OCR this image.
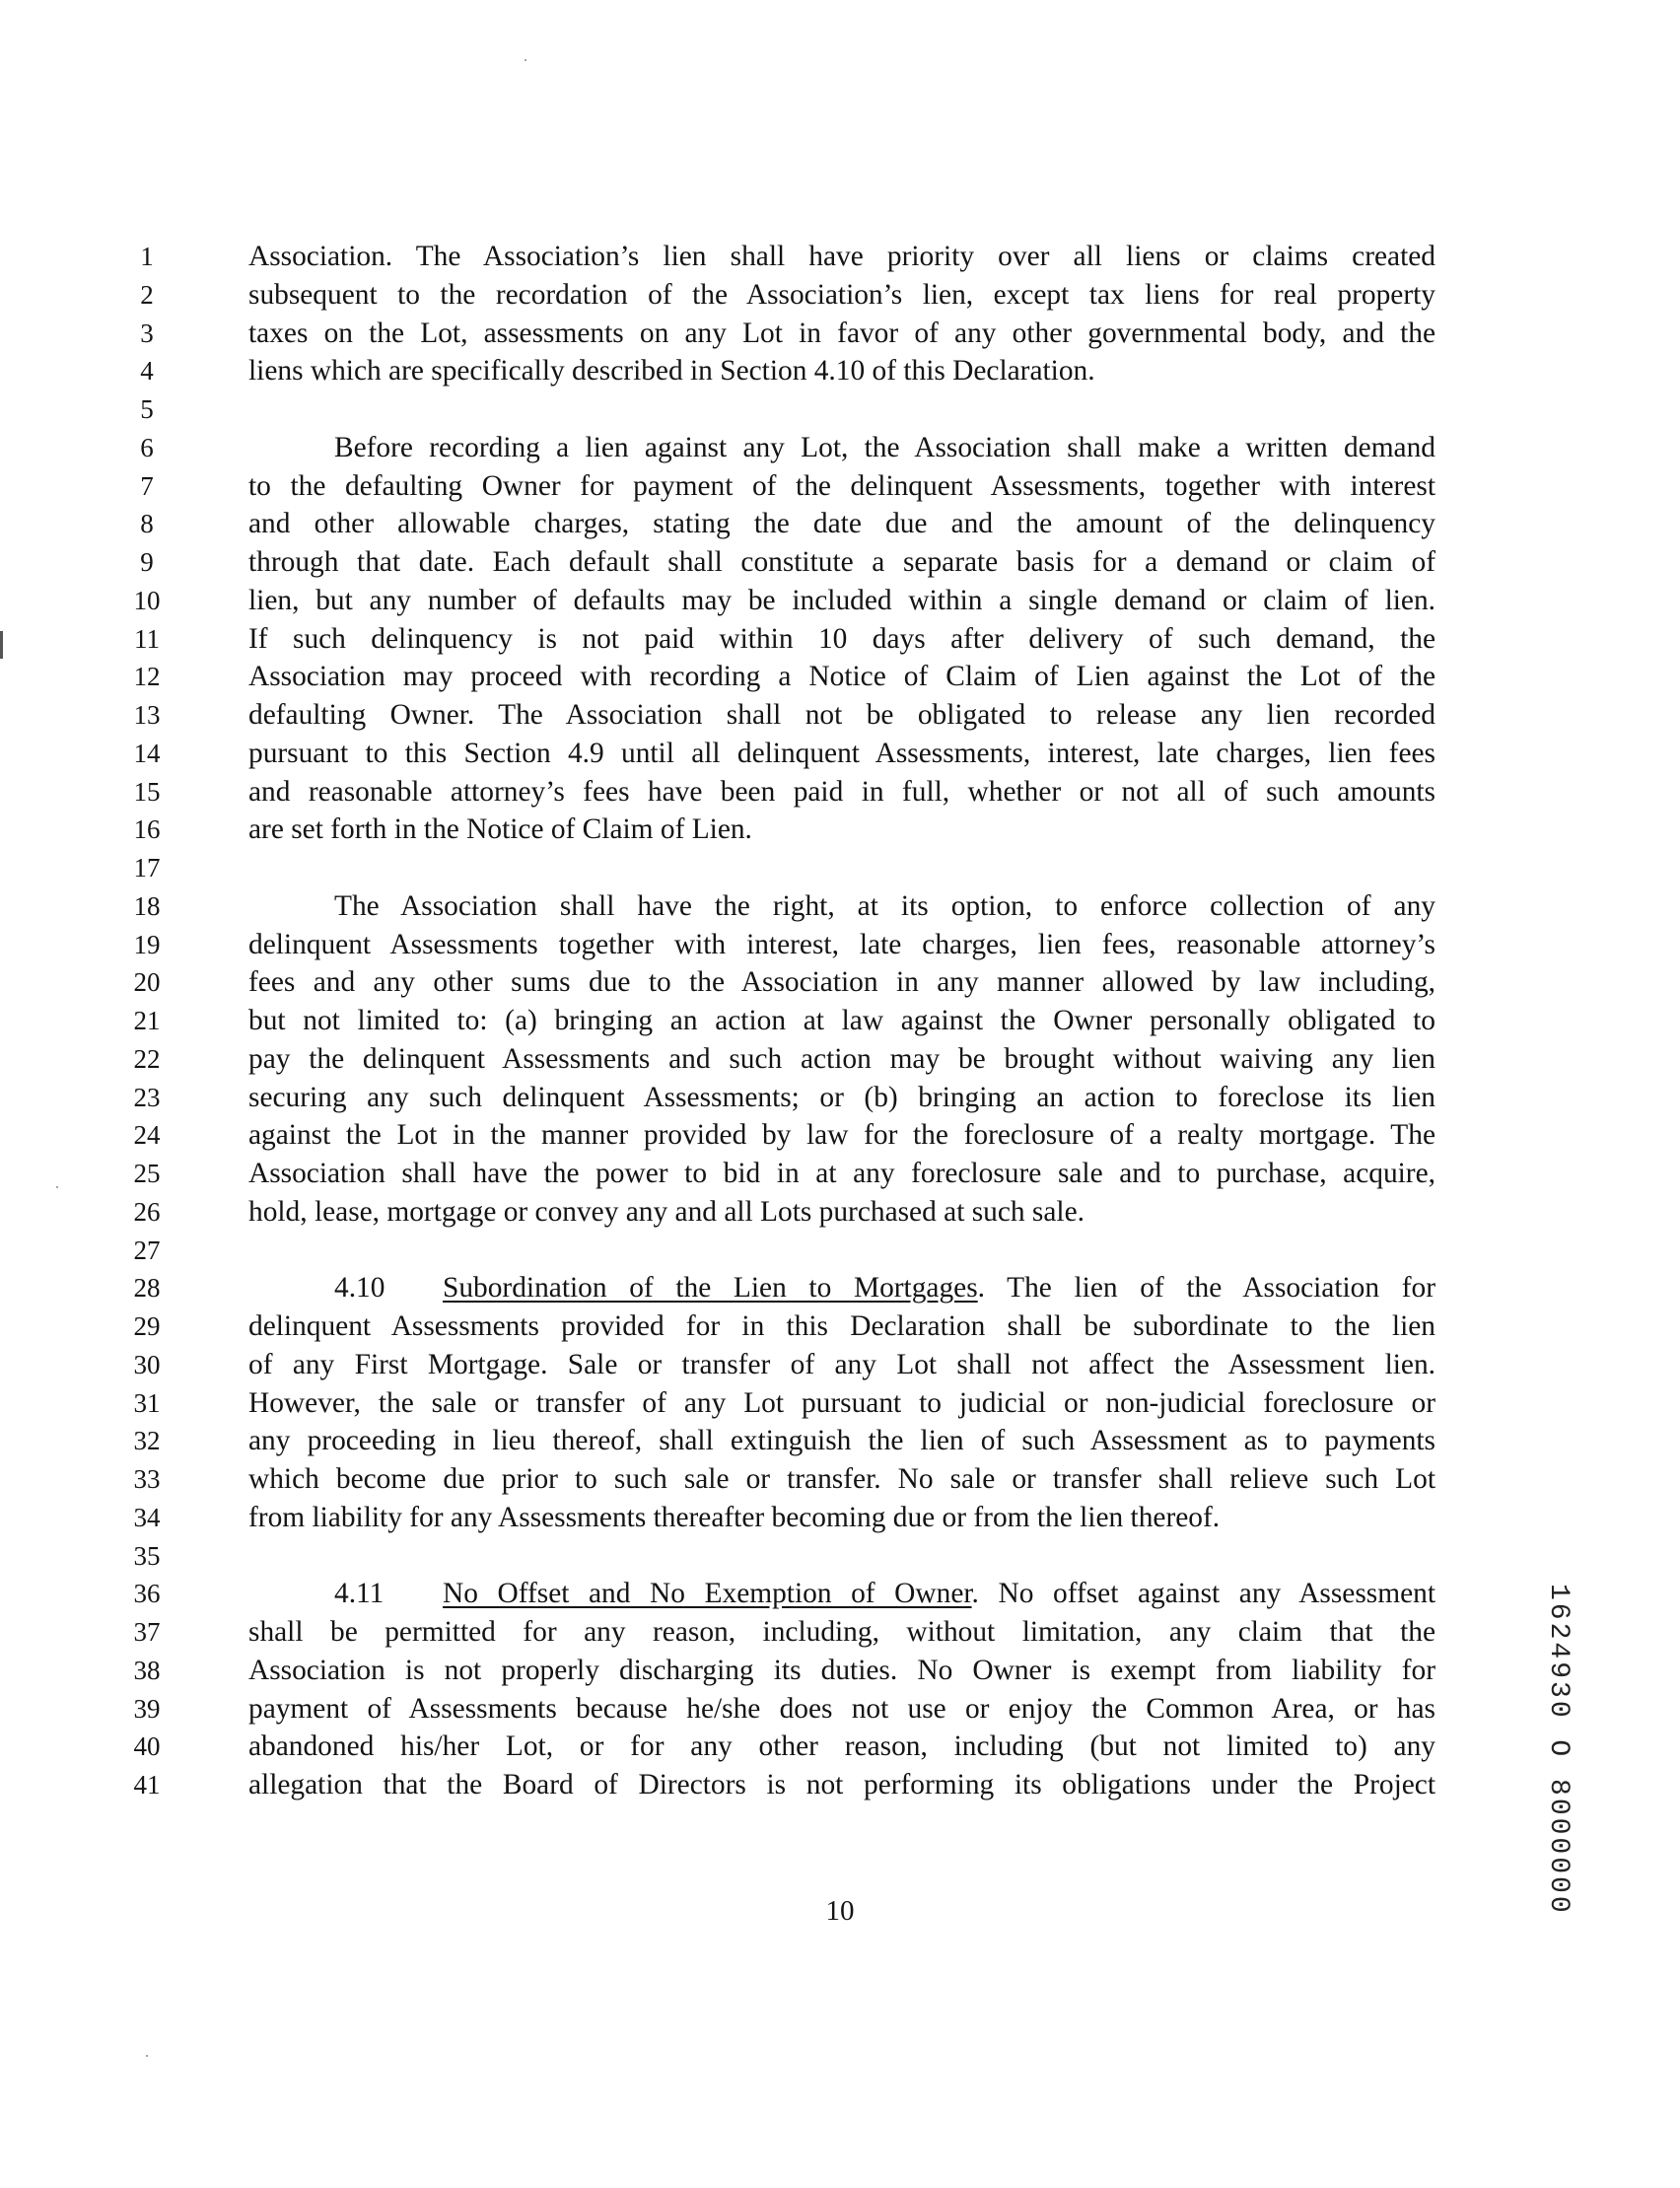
1	Association. The Association’s lien shall have priority over all liens or claims created
2	subsequent to the recordation of the Association’s lien, except tax liens for real property
3	taxes on the Lot, assessments on any Lot in favor of any other governmental body, and the
4	liens which are specifically described in Section 4.10 of this Declaration.
5
6	Before recording a lien against any Lot, the Association shall make a written demand
7	to the defaulting Owner for payment of the delinquent Assessments, together with interest
8	and other allowable charges, stating the date due and the amount of the delinquency
9	through that date. Each default shall constitute a separate basis for a demand or claim of
10	lien, but any number of defaults may be included within a single demand or claim of lien.
11	If such delinquency is not paid within 10 days after delivery of such demand, the
12	Association may proceed with recording a Notice of Claim of Lien against the Lot of the
13	defaulting Owner. The Association shall not be obligated to release any lien recorded
14	pursuant to this Section 4.9 until all delinquent Assessments, interest, late charges, lien fees
15	and reasonable attorney’s fees have been paid in full, whether or not all of such amounts
16	are set forth in the Notice of Claim of Lien.
17
18	The Association shall have the right, at its option, to enforce collection of any
19	delinquent Assessments together with interest, late charges, lien fees, reasonable attorney’s
20	fees and any other sums due to the Association in any manner allowed by law including,
21	but not limited to: (a) bringing an action at law against the Owner personally obligated to
22	pay the delinquent Assessments and such action may be brought without waiving any lien
23	securing any such delinquent Assessments; or (b) bringing an action to foreclose its lien
24	against the Lot in the manner provided by law for the foreclosure of a realty mortgage. The
25	Association shall have the power to bid in at any foreclosure sale and to purchase, acquire,
26	hold, lease, mortgage or convey any and all Lots purchased at such sale.
27
28	4.10 Subordination of the Lien to Mortgages. The lien of the Association for
29	delinquent Assessments provided for in this Declaration shall be subordinate to the lien
30	of any First Mortgage. Sale or transfer of any Lot shall not affect the Assessment lien.
31	However, the sale or transfer of any Lot pursuant to judicial or non-judicial foreclosure or
32	any proceeding in lieu thereof, shall extinguish the lien of such Assessment as to payments
33	which become due prior to such sale or transfer. No sale or transfer shall relieve such Lot
34	from liability for any Assessments thereafter becoming due or from the lien thereof.
35
36	4.11 No Offset and No Exemption of Owner. No offset against any Assessment
37	shall be permitted for any reason, including, without limitation, any claim that the
38	Association is not properly discharging its duties. No Owner is exempt from liability for
39	payment of Assessments because he/she does not use or enjoy the Common Area, or has
40	abandoned his/her Lot, or for any other reason, including (but not limited to) any
41	allegation that the Board of Directors is not performing its obligations under the Project
10	1624930 O 8000000
